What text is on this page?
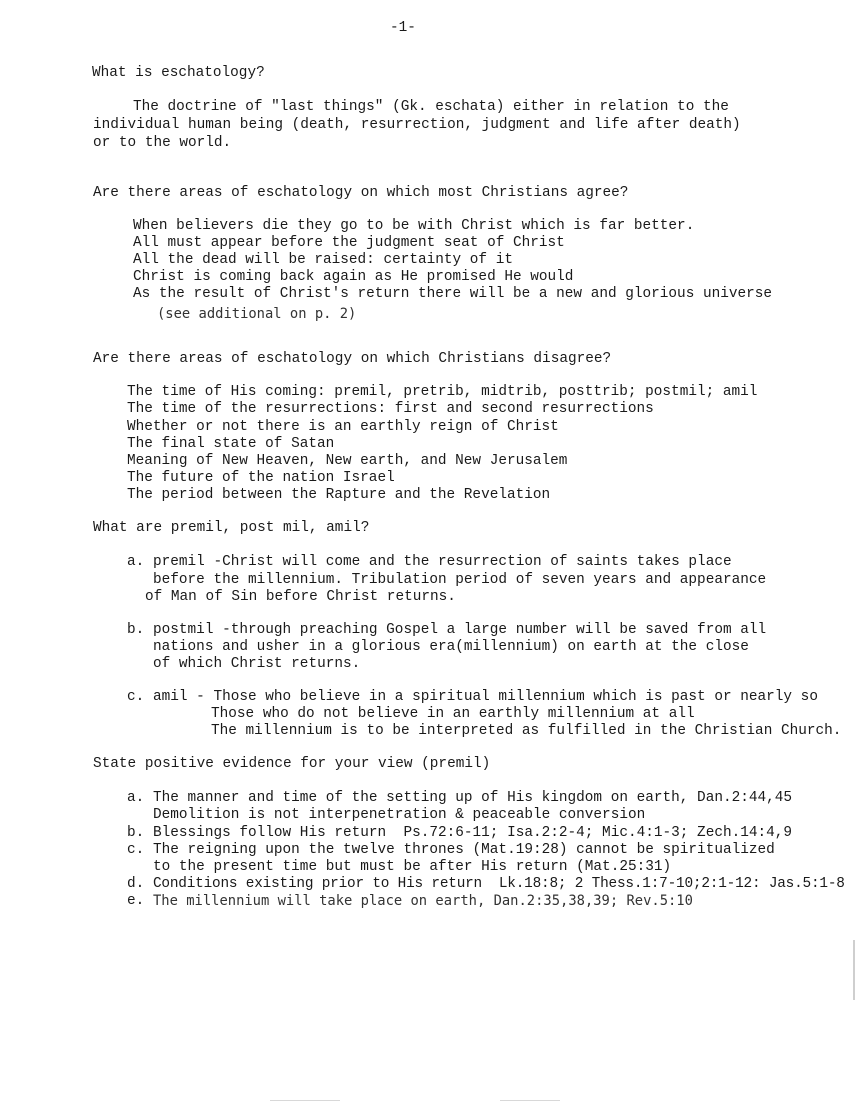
-1-
What is eschatology?
The doctrine of "last things" (Gk. eschata) either in relation to the
individual human being (death, resurrection, judgment and life after death)
or to the world.
Are there areas of eschatology on which most Christians agree?
When believers die they go to be with Christ which is far better.
All must appear before the judgment seat of Christ
All the dead will be raised: certainty of it
Christ is coming back again as He promised He would
As the result of Christ's return there will be a new and glorious universe
(see additional on p. 2)
Are there areas of eschatology on which Christians disagree?
The time of His coming: premil, pretrib, midtrib, posttrib; postmil; amil
The time of the resurrections: first and second resurrections
Whether or not there is an earthly reign of Christ
The final state of Satan
Meaning of New Heaven, New earth, and New Jerusalem
The future of the nation Israel
The period between the Rapture and the Revelation
What are premil, post mil, amil?
a. premil -Christ will come and the resurrection of saints takes place
before the millennium. Tribulation period of seven years and appearance
of Man of Sin before Christ returns.
b. postmil -through preaching Gospel a large number will be saved from all
nations and usher in a glorious era(millennium) on earth at the close
of which Christ returns.
c. amil - Those who believe in a spiritual millennium which is past or nearly so
Those who do not believe in an earthly millennium at all
The millennium is to be interpreted as fulfilled in the Christian Church.
State positive evidence for your view (premil)
a. The manner and time of the setting up of His kingdom on earth, Dan.2:44,45
Demolition is not interpenetration & peaceable conversion
b. Blessings follow His return  Ps.72:6-11; Isa.2:2-4; Mic.4:1-3; Zech.14:4,9
c. The reigning upon the twelve thrones (Mat.19:28) cannot be spiritualized
to the present time but must be after His return (Mat.25:31)
d. Conditions existing prior to His return  Lk.18:8; 2 Thess.1:7-10;2:1-12: Jas.5:1-8
e. The millennium will take place on earth, Dan.2:35,38,39; Rev.5:10
